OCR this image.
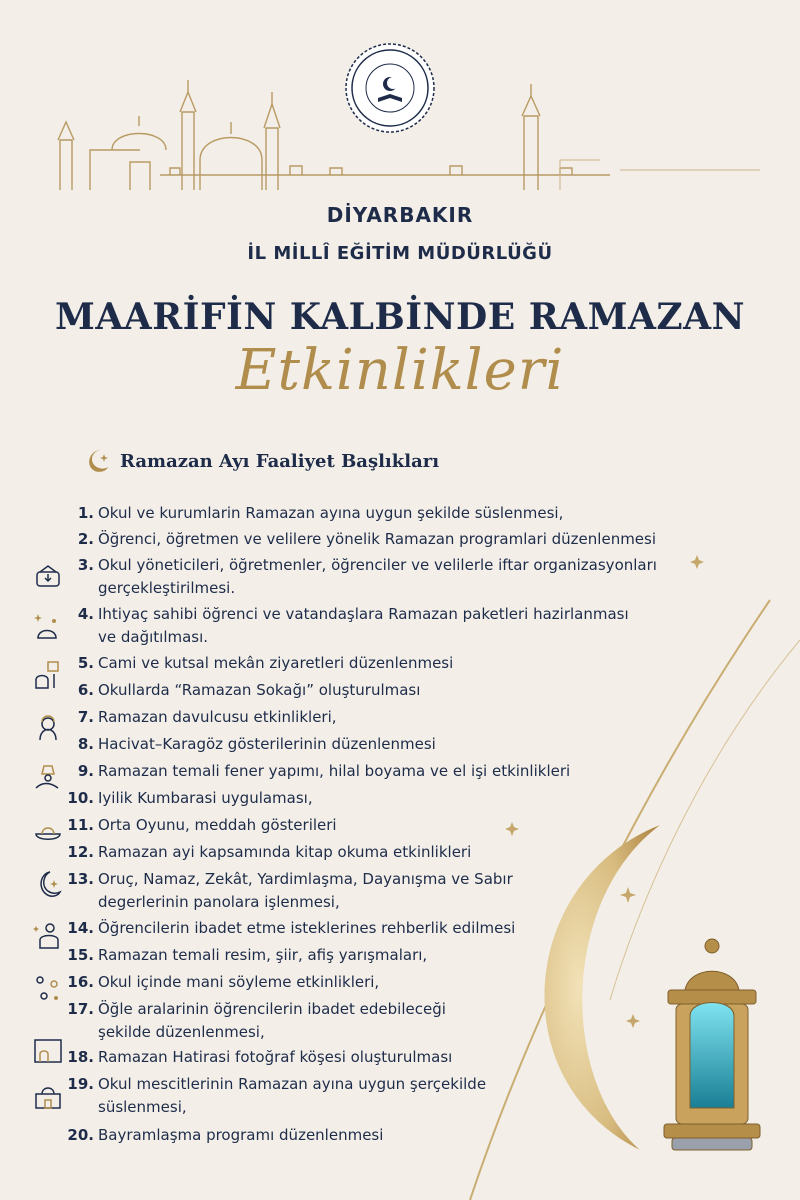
DİYARBAKIR
İL MİLLÎ EĞİTİM MÜDÜRLÜĞÜ
MAARİFİN KALBİNDE RAMAZAN
Etkinlikleri
Ramazan Ayı Faaliyet Başlıkları
1. Okul ve kurumlarin Ramazan ayına uygun şekilde süslenmesi,
2. Öğrenci, öğretmen ve velilere yönelik Ramazan programlari düzenlenmesi
3. Okul yöneticileri, öğretmenler, öğrenciler ve velilerle iftar organizasyonları
gerçekleştirilmesi.
4. Ihtiyaç sahibi öğrenci ve vatandaşlara Ramazan paketleri hazirlanması
ve dağıtılması.
5. Cami ve kutsal mekân ziyaretleri düzenlenmesi
6. Okullarda “Ramazan Sokağı” oluşturulması
7. Ramazan davulcusu etkinlikleri,
8. Hacivat–Karagöz gösterilerinin düzenlenmesi
9. Ramazan temali fener yapımı, hilal boyama ve el işi etkinlikleri
10. Iyilik Kumbarasi uygulaması,
11. Orta Oyunu, meddah gösterileri
12. Ramazan ayi kapsamında kitap okuma etkinlikleri
13. Oruç, Namaz, Zekât, Yardimlaşma, Dayanışma ve Sabır
degerlerinin panolara işlenmesi,
14. Öğrencilerin ibadet etme isteklerines rehberlik edilmesi
15. Ramazan temali resim, şiir, afiş yarışmaları,
16. Okul içinde mani söyleme etkinlikleri,
17. Öğle aralarinin öğrencilerin ibadet edebileceği
şekilde düzenlenmesi,
18. Ramazan Hatirasi fotoğraf köşesi oluşturulması
19. Okul mescitlerinin Ramazan ayına uygun şerçekilde
süslenmesi,
20. Bayramlaşma programı düzenlenmesi
